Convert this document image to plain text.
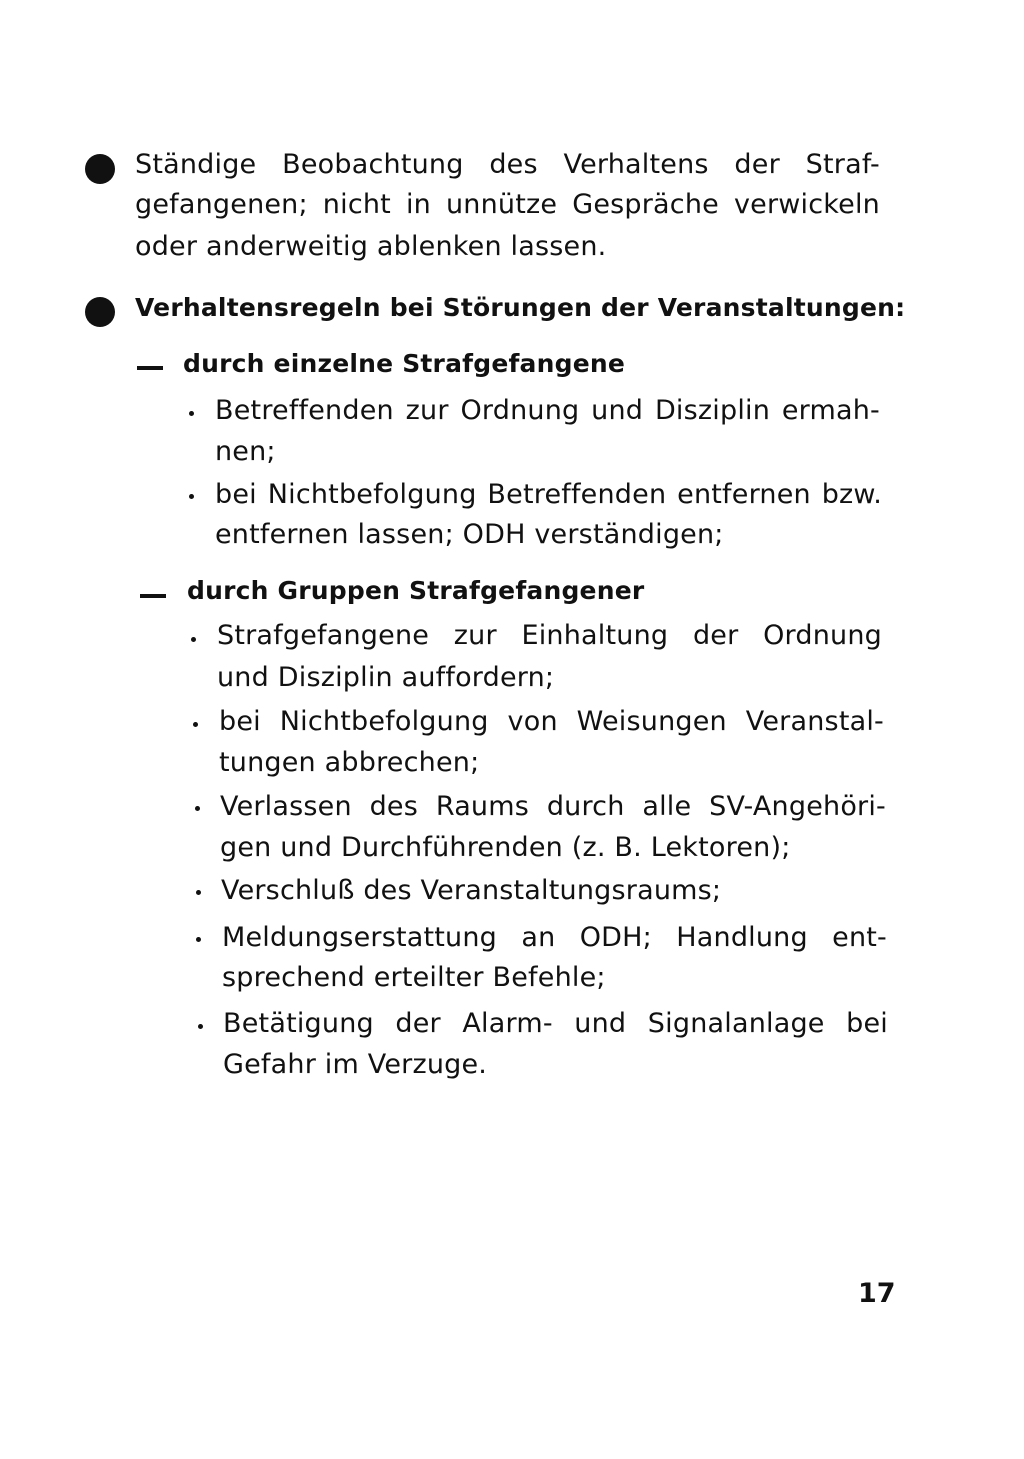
Ständige Beobachtung des Verhaltens der Straf-
gefangenen; nicht in unnütze Gespräche verwickeln
oder anderweitig ablenken lassen.
Verhaltensregeln bei Störungen der Veranstaltungen:
durch einzelne Strafgefangene
Betreffenden zur Ordnung und Disziplin ermah-
nen;
bei Nichtbefolgung Betreffenden entfernen bzw.
entfernen lassen; ODH verständigen;
durch Gruppen Strafgefangener
Strafgefangene zur Einhaltung der Ordnung
und Disziplin auffordern;
bei Nichtbefolgung von Weisungen Veranstal-
tungen abbrechen;
Verlassen des Raums durch alle SV-Angehöri-
gen und Durchführenden (z. B. Lektoren);
Verschluß des Veranstaltungsraums;
Meldungserstattung an ODH; Handlung ent-
sprechend erteilter Befehle;
Betätigung der Alarm- und Signalanlage bei
Gefahr im Verzuge.
17
